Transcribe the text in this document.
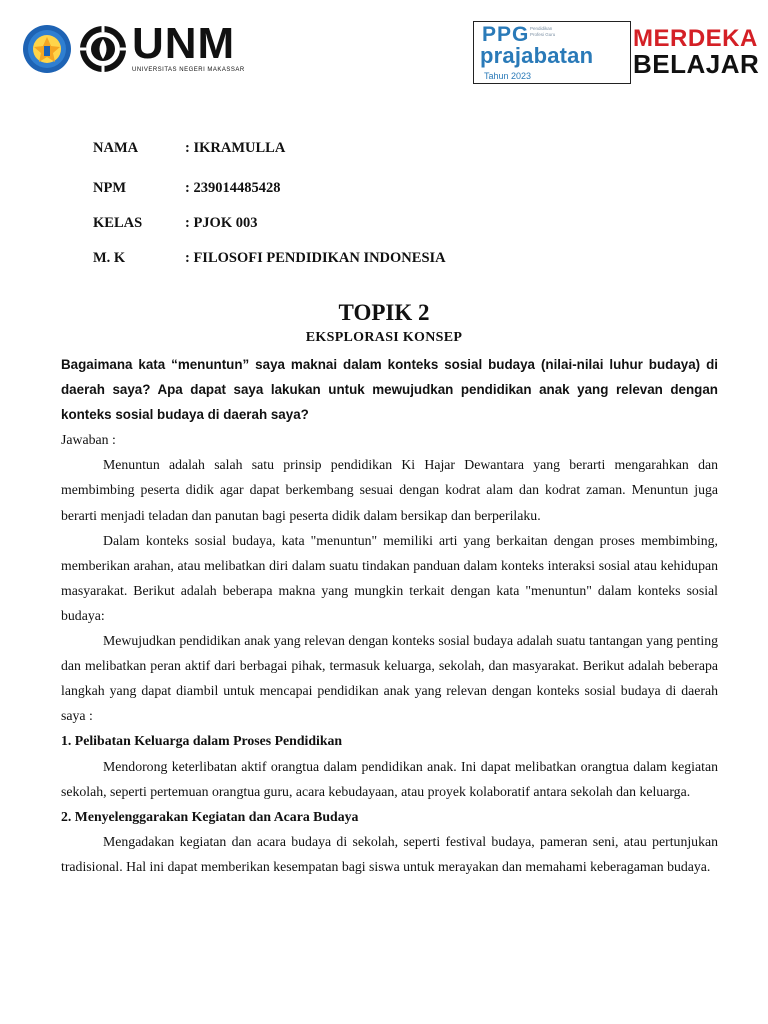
UNM
UNIVERSITAS NEGERI MAKASSAR
PPG Pendidikan Profesi Guru
prajabatan
Tahun 2023
MERDEKA
BELAJAR
NAMA	: IKRAMULLA
NPM	: 239014485428
KELAS	: PJOK 003
M. K	: FILOSOFI PENDIDIKAN INDONESIA
TOPIK 2
EKSPLORASI KONSEP

Bagaimana kata “menuntun” saya maknai dalam konteks sosial budaya (nilai-nilai luhur budaya) di daerah saya? Apa dapat saya lakukan untuk mewujudkan pendidikan anak yang relevan dengan konteks sosial budaya di daerah saya?

Jawaban :

Menuntun adalah salah satu prinsip pendidikan Ki Hajar Dewantara yang berarti mengarahkan dan membimbing peserta didik agar dapat berkembang sesuai dengan kodrat alam dan kodrat zaman. Menuntun juga berarti menjadi teladan dan panutan bagi peserta didik dalam bersikap dan berperilaku.

Dalam konteks sosial budaya, kata "menuntun" memiliki arti yang berkaitan dengan proses membimbing, memberikan arahan, atau melibatkan diri dalam suatu tindakan panduan dalam konteks interaksi sosial atau kehidupan masyarakat. Berikut adalah beberapa makna yang mungkin terkait dengan kata "menuntun" dalam konteks sosial budaya:

Mewujudkan pendidikan anak yang relevan dengan konteks sosial budaya adalah suatu tantangan yang penting dan melibatkan peran aktif dari berbagai pihak, termasuk keluarga, sekolah, dan masyarakat. Berikut adalah beberapa langkah yang dapat diambil untuk mencapai pendidikan anak yang relevan dengan konteks sosial budaya di daerah saya :

1. Pelibatan Keluarga dalam Proses Pendidikan

Mendorong keterlibatan aktif orangtua dalam pendidikan anak. Ini dapat melibatkan orangtua dalam kegiatan sekolah, seperti pertemuan orangtua guru, acara kebudayaan, atau proyek kolaboratif antara sekolah dan keluarga.

2. Menyelenggarakan Kegiatan dan Acara Budaya

Mengadakan kegiatan dan acara budaya di sekolah, seperti festival budaya, pameran seni, atau pertunjukan tradisional. Hal ini dapat memberikan kesempatan bagi siswa untuk merayakan dan memahami keberagaman budaya.
